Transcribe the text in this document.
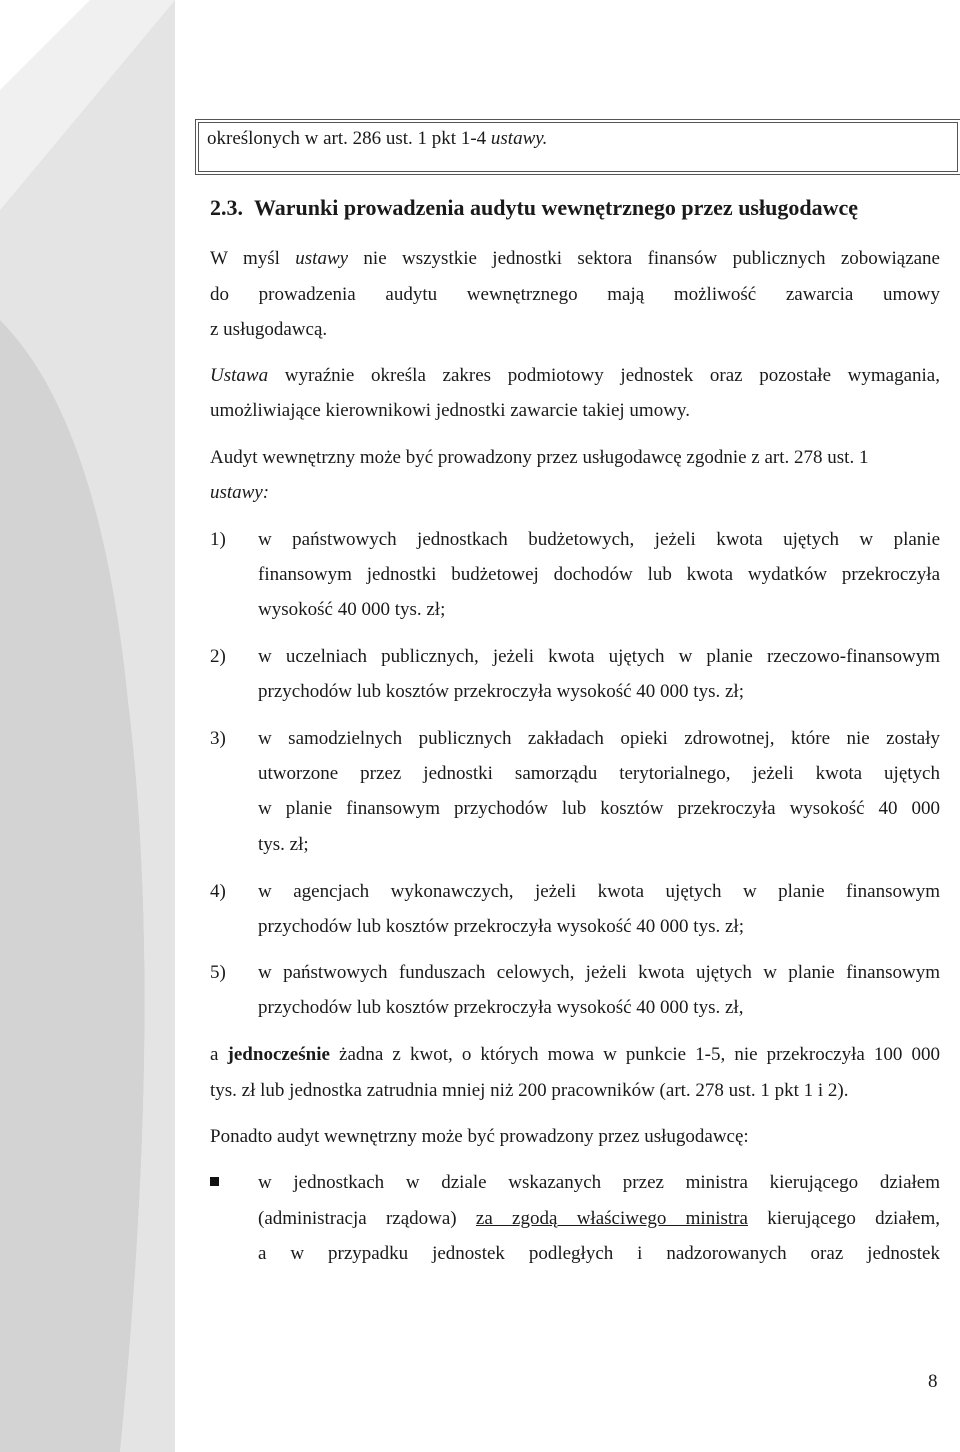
określonych w art. 286 ust. 1 pkt 1-4 ustawy.
2.3. Warunki prowadzenia audytu wewnętrznego przez usługodawcę
W myśl ustawy nie wszystkie jednostki sektora finansów publicznych zobowiązane
do prowadzenia audytu wewnętrznego mają możliwość zawarcia umowy
z usługodawcą.
Ustawa wyraźnie określa zakres podmiotowy jednostek oraz pozostałe wymagania,
umożliwiające kierownikowi jednostki zawarcie takiej umowy.
Audyt wewnętrzny może być prowadzony przez usługodawcę zgodnie z art. 278 ust. 1
ustawy:
1) w państwowych jednostkach budżetowych, jeżeli kwota ujętych w planie
finansowym jednostki budżetowej dochodów lub kwota wydatków przekroczyła
wysokość 40 000 tys. zł;
2) w uczelniach publicznych, jeżeli kwota ujętych w planie rzeczowo-finansowym
przychodów lub kosztów przekroczyła wysokość 40 000 tys. zł;
3) w samodzielnych publicznych zakładach opieki zdrowotnej, które nie zostały
utworzone przez jednostki samorządu terytorialnego, jeżeli kwota ujętych
w planie finansowym przychodów lub kosztów przekroczyła wysokość 40 000
tys. zł;
4) w agencjach wykonawczych, jeżeli kwota ujętych w planie finansowym
przychodów lub kosztów przekroczyła wysokość 40 000 tys. zł;
5) w państwowych funduszach celowych, jeżeli kwota ujętych w planie finansowym
przychodów lub kosztów przekroczyła wysokość 40 000 tys. zł,
a jednocześnie żadna z kwot, o których mowa w punkcie 1-5, nie przekroczyła 100 000
tys. zł lub jednostka zatrudnia mniej niż 200 pracowników (art. 278 ust. 1 pkt 1 i 2).
Ponadto audyt wewnętrzny może być prowadzony przez usługodawcę:
w jednostkach w dziale wskazanych przez ministra kierującego działem
(administracja rządowa) za zgodą właściwego ministra kierującego działem,
a w przypadku jednostek podległych i nadzorowanych oraz jednostek
8
